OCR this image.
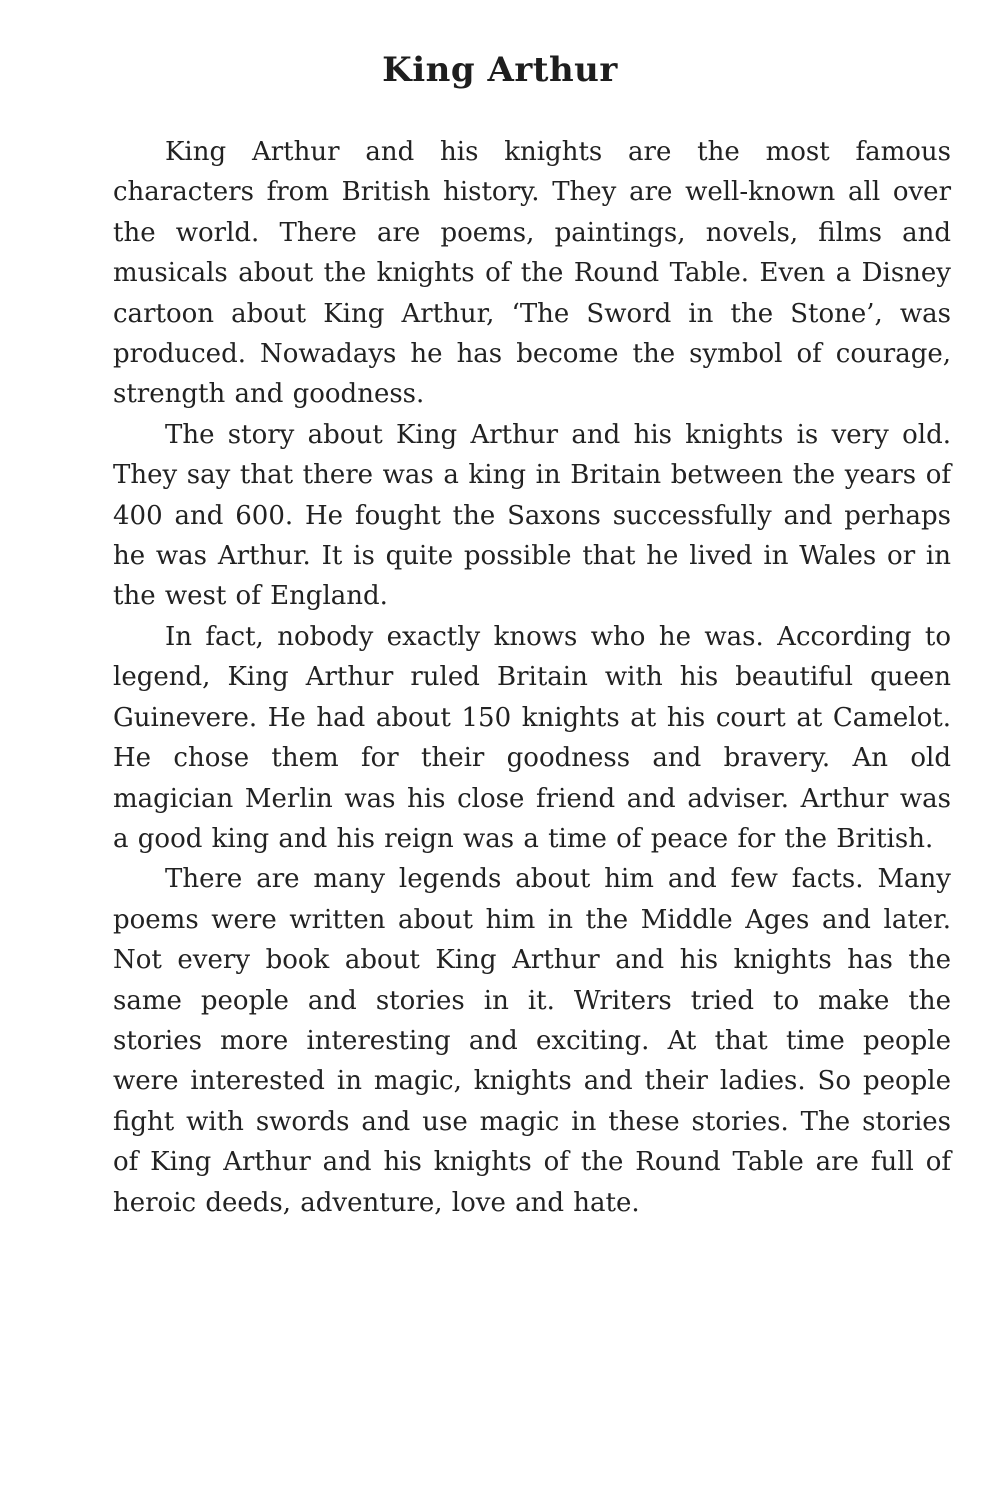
King Arthur

King Arthur and his knights are the most famous characters from British history. They are well-known all over the world. There are poems, paintings, novels, films and musicals about the knights of the Round Table. Even a Disney cartoon about King Arthur, ‘The Sword in the Stone’, was produced. Nowadays he has become the symbol of courage, strength and goodness.

The story about King Arthur and his knights is very old. They say that there was a king in Britain between the years of 400 and 600. He fought the Saxons successfully and perhaps he was Arthur. It is quite possible that he lived in Wales or in the west of England.

In fact, nobody exactly knows who he was. According to legend, King Arthur ruled Britain with his beautiful queen Guinevere. He had about 150 knights at his court at Camelot. He chose them for their goodness and bravery. An old magician Merlin was his close friend and adviser. Arthur was a good king and his reign was a time of peace for the British.

There are many legends about him and few facts. Many poems were written about him in the Middle Ages and later. Not every book about King Arthur and his knights has the same people and stories in it. Writers tried to make the stories more interesting and exciting. At that time people were interested in magic, knights and their ladies. So people fight with swords and use magic in these stories. The stories of King Arthur and his knights of the Round Table are full of heroic deeds, adventure, love and hate.
